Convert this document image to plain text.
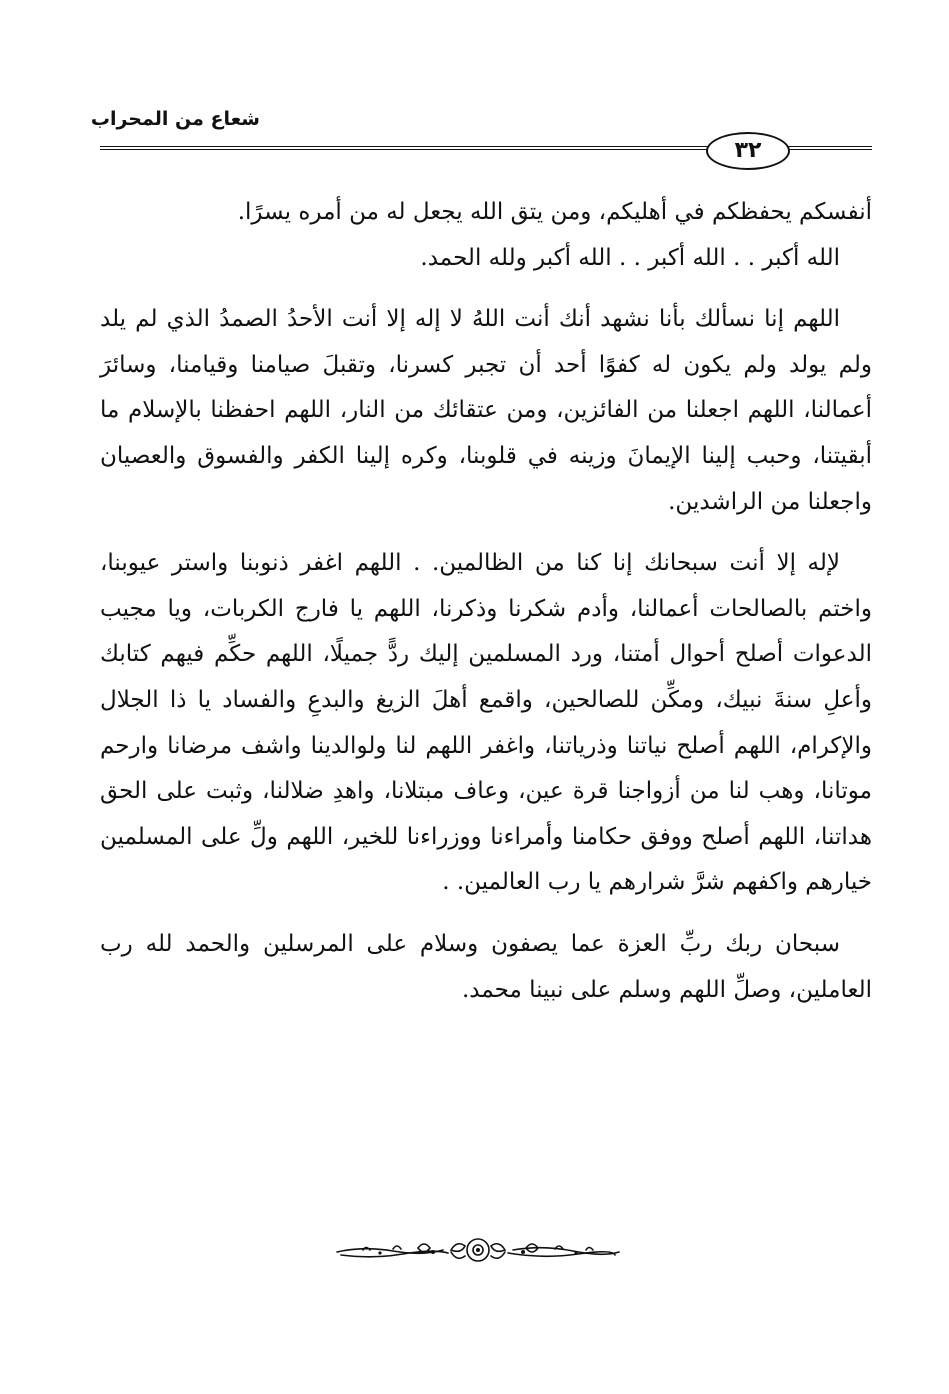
شعاع من المحراب
٣٢

أنفسكم يحفظكم في أهليكم، ومن يتق الله يجعل له من أمره يسرًا.

الله أكبر . . الله أكبر . . الله أكبر ولله الحمد.

اللهم إنا نسألك بأنا نشهد أنك أنت اللهُ لا إله إلا أنت الأحدُ الصمدُ الذي لم يلد ولم يولد ولم يكون له كفوًا أحد أن تجبر كسرنا، وتقبلَ صيامنا وقيامنا، وسائرَ أعمالنا، اللهم اجعلنا من الفائزين، ومن عتقائك من النار، اللهم احفظنا بالإسلام ما أبقيتنا، وحبب إلينا الإيمانَ وزينه في قلوبنا، وكره إلينا الكفر والفسوق والعصيان واجعلنا من الراشدين.

لإله إلا أنت سبحانك إنا كنا من الظالمين. . اللهم اغفر ذنوبنا واستر عيوبنا، واختم بالصالحات أعمالنا، وأدم شكرنا وذكرنا، اللهم يا فارج الكربات، ويا مجيب الدعوات أصلح أحوال أمتنا، ورد المسلمين إليك ردًّ جميلًا، اللهم حكِّم فيهم كتابك وأعلِ سنةَ نبيك، ومكِّن للصالحين، واقمع أهلَ الزيغ والبدعِ والفساد يا ذا الجلال والإكرام، اللهم أصلح نياتنا وذرياتنا، واغفر اللهم لنا ولوالدينا واشف مرضانا وارحم موتانا، وهب لنا من أزواجنا قرة عين، وعاف مبتلانا، واهدِ ضلالنا، وثبت على الحق هداتنا، اللهم أصلح ووفق حكامنا وأمراءنا ووزراءنا للخير، اللهم ولِّ على المسلمين خيارهم واكفهم شرَّ شرارهم يا رب العالمين. .

سبحان ربك ربِّ العزة عما يصفون وسلام على المرسلين والحمد لله رب العاملين، وصلِّ اللهم وسلم على نبينا محمد.
